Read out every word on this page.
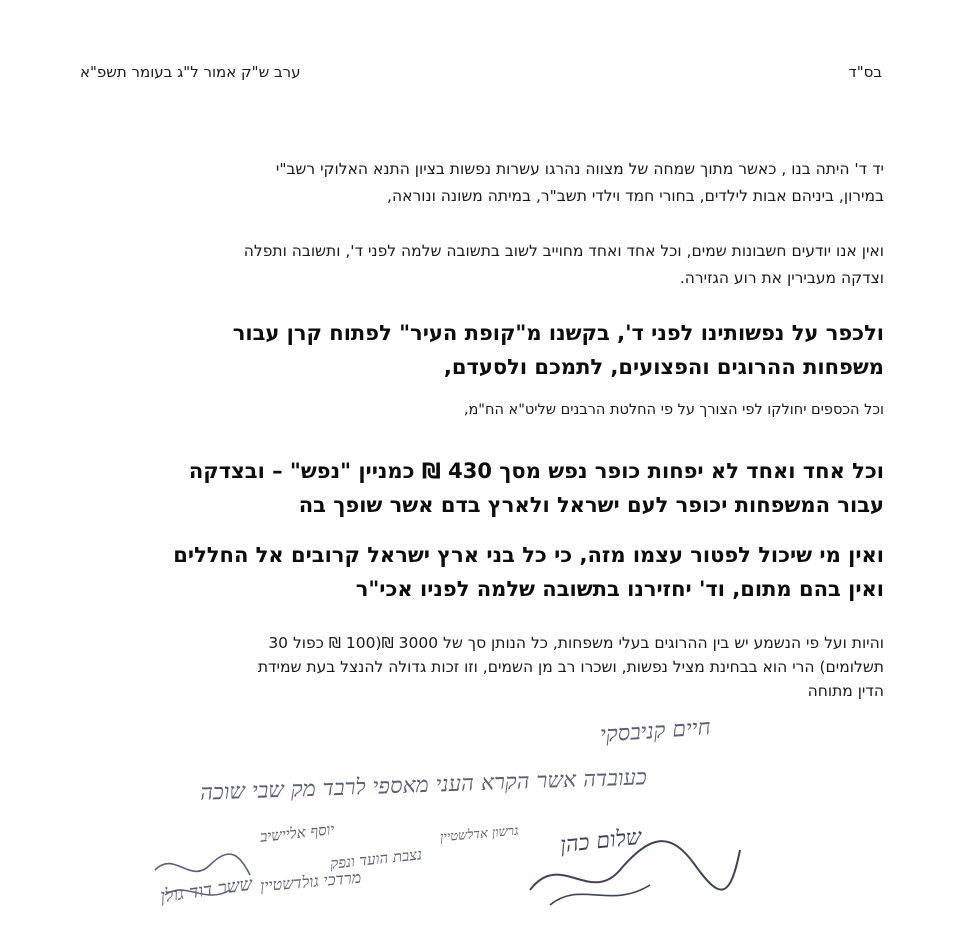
בס"ד
ערב ש"ק אמור ל"ג בעומר תשפ"א
יד ד' היתה בנו , כאשר מתוך שמחה של מצווה נהרגו עשרות נפשות בציון התנא האלוקי רשב"י
במירון, ביניהם אבות לילדים, בחורי חמד וילדי תשב"ר, במיתה משונה ונוראה,
ואין אנו יודעים חשבונות שמים, וכל אחד ואחד מחוייב לשוב בתשובה שלמה לפני ד', ותשובה ותפלה
וצדקה מעבירין את רוע הגזירה.
ולכפר על נפשותינו לפני ד', בקשנו מ"קופת העיר" לפתוח קרן עבור
משפחות ההרוגים והפצועים, לתמכם ולסעדם,
וכל הכספים יחולקו לפי הצורך על פי החלטת הרבנים שליט"א הח"מ,
וכל אחד ואחד לא יפחות כופר נפש מסך 430 ₪ כמניין "נפש" – ובצדקה
עבור המשפחות יכופר לעם ישראל ולארץ בדם אשר שופך בה
ואין מי שיכול לפטור עצמו מזה, כי כל בני ארץ ישראל קרובים אל החללים
ואין בהם מתום, וד' יחזירנו בתשובה שלמה לפניו אכי"ר
והיות ועל פי הנשמע יש בין ההרוגים בעלי משפחות, כל הנותן סך של 3000 ₪(100 ₪ כפול 30
תשלומים) הרי הוא בבחינת מציל נפשות, ושכרו רב מן השמים, וזו זכות גדולה להנצל בעת שמידת
הדין מתוחה
חיים קניבסקי
כעובדה אשר הקרא העני מאספי לרבד מק שבי שוכה
שלום כהן
גרשון אדלשטיין
יוסף אליישיב
נצבת הועד ונפק
מרדכי גולדשטיין
ששר דוד גולן
